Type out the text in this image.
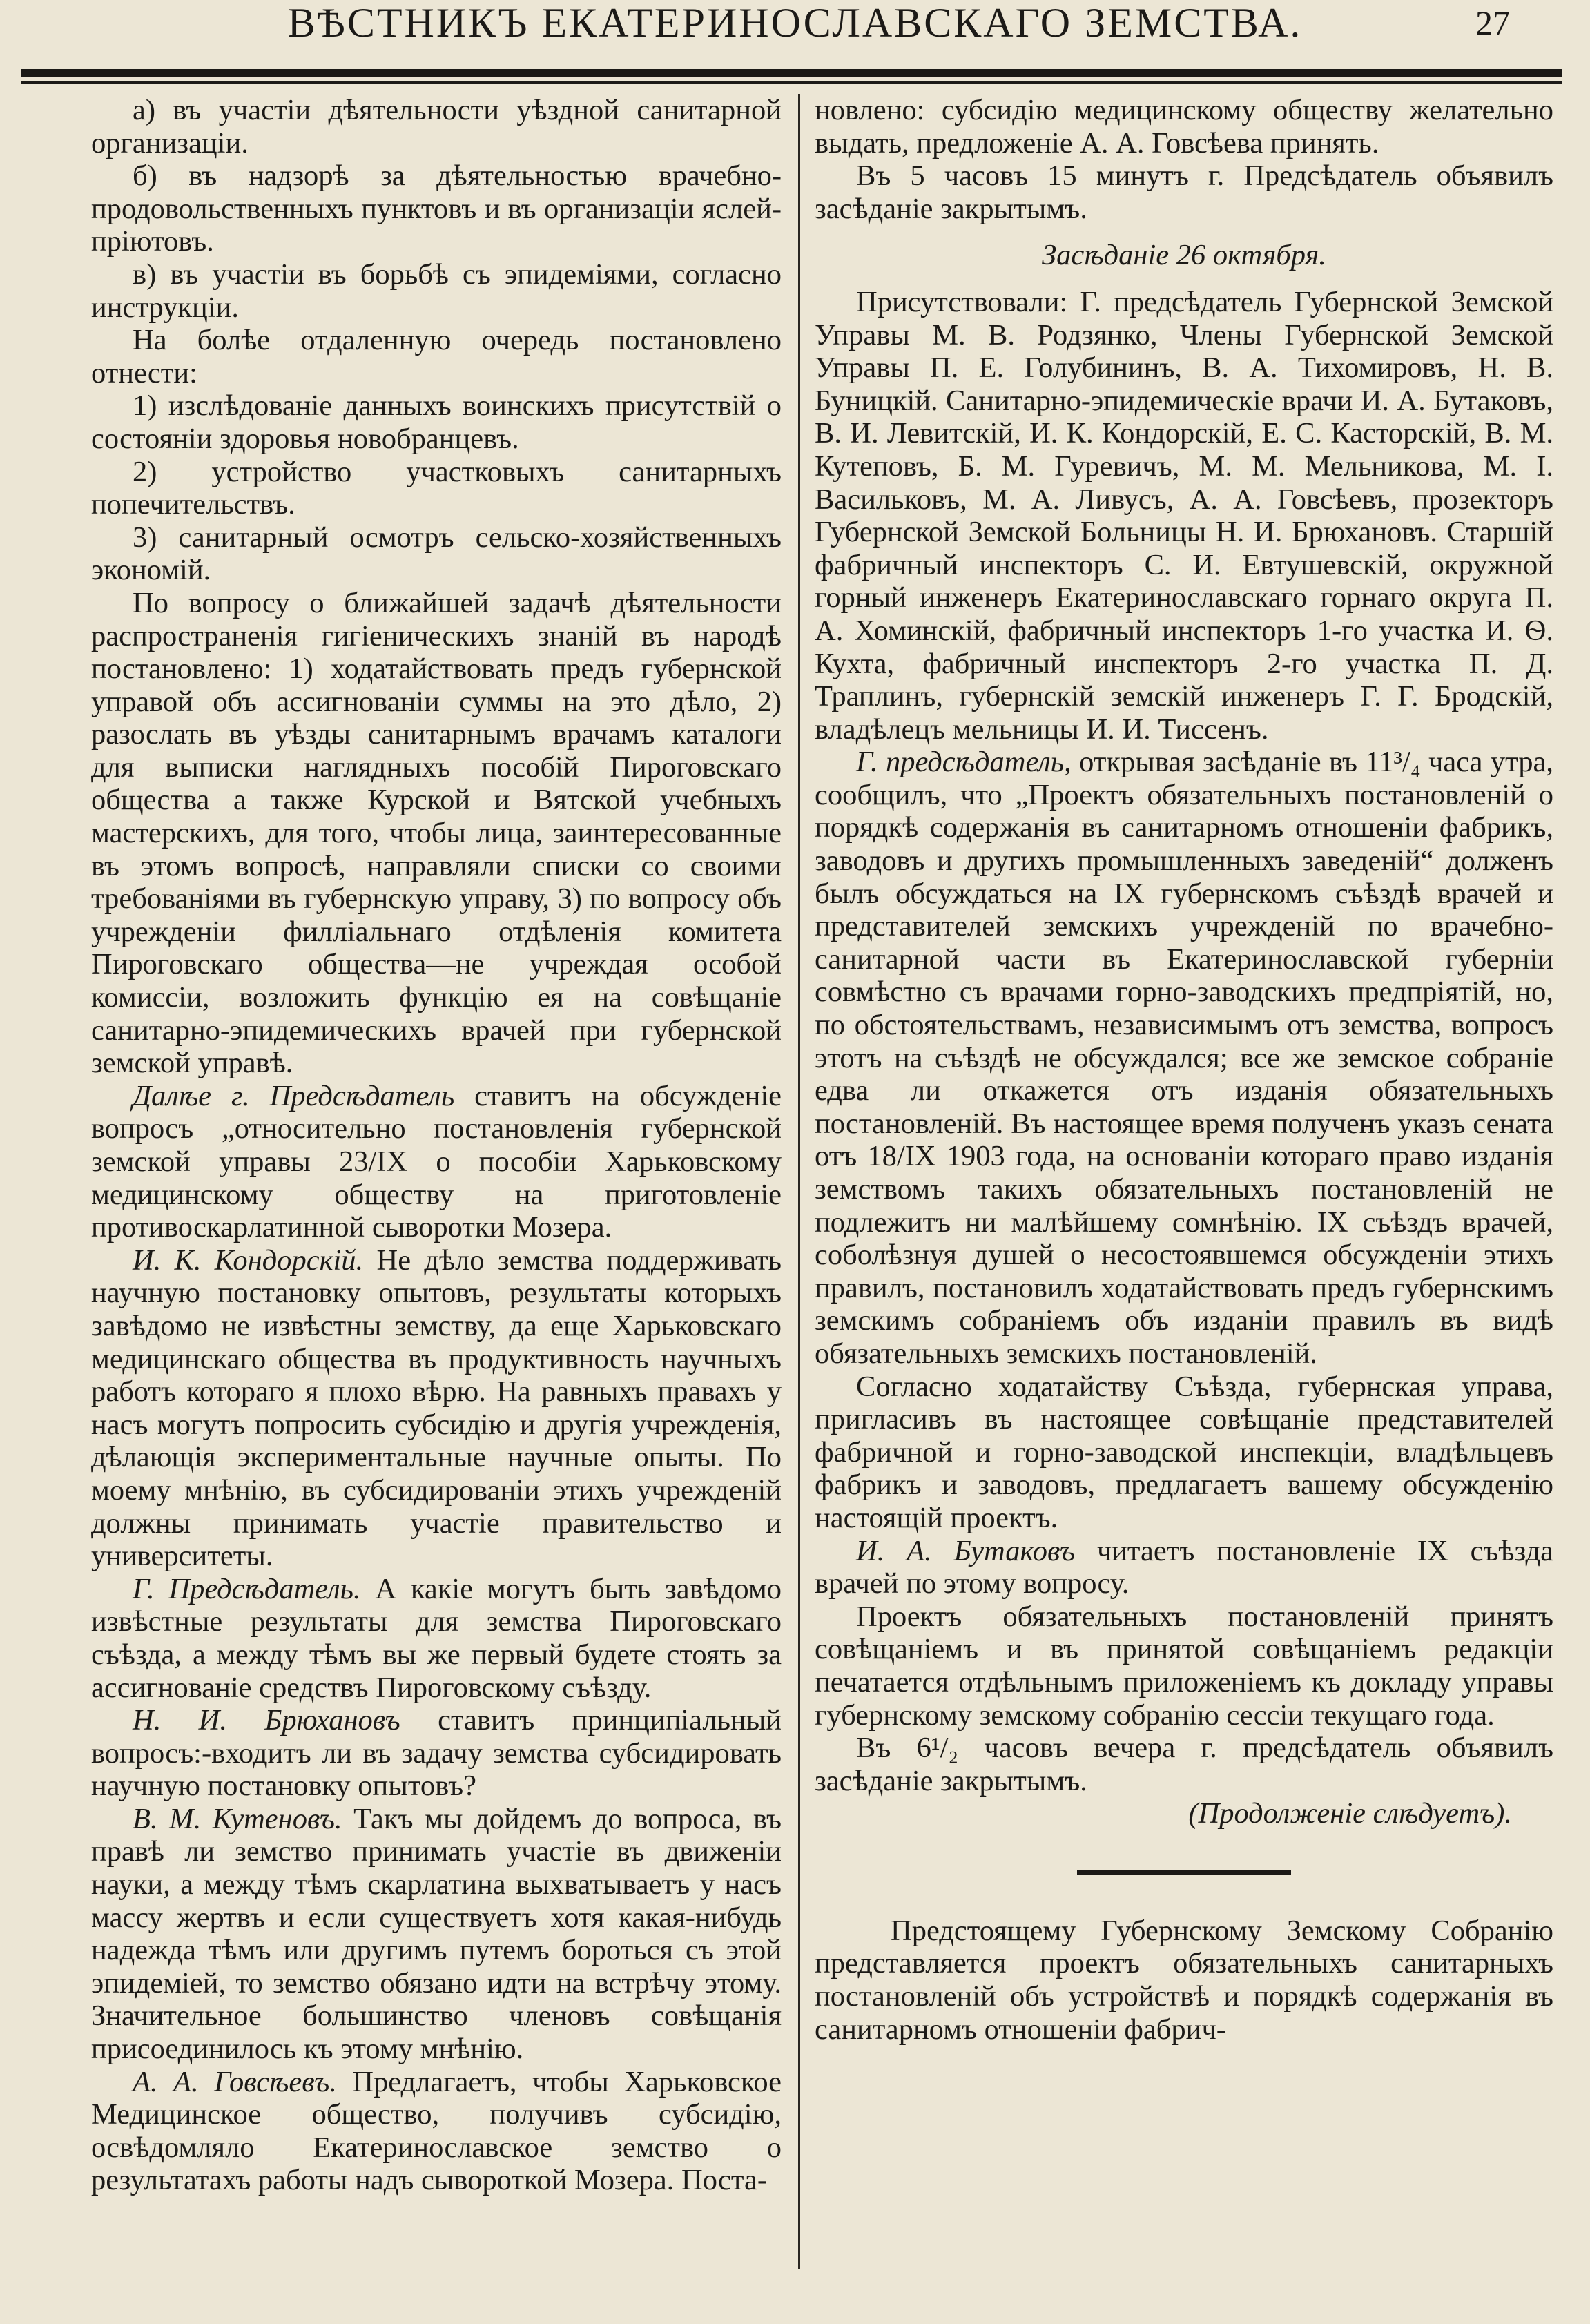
ВѢСТНИКЪ ЕКАТЕРИНОСЛАВСКАГО ЗЕМСТВА.	27

а) въ участіи дѣятельности уѣздной санитарной организаціи.

б) въ надзорѣ за дѣятельностью врачебно-продовольственныхъ пунктовъ и въ организаціи яслей-пріютовъ.

в) въ участіи въ борьбѣ съ эпидеміями, согласно инструкціи.

На болѣе отдаленную очередь постановлено отнести:

1) изслѣдованіе данныхъ воинскихъ присутствій о состояніи здоровья новобранцевъ.

2) устройство участковыхъ санитарныхъ попечительствъ.

3) санитарный осмотръ сельско-хозяйственныхъ экономій.

По вопросу о ближайшей задачѣ дѣятельности распространенія гигіеническихъ знаній въ народѣ постановлено: 1) ходатайствовать предъ губернской управой объ ассигнованіи суммы на это дѣло, 2) разослать въ уѣзды санитарнымъ врачамъ каталоги для выписки наглядныхъ пособій Пироговскаго общества а также Курской и Вятской учебныхъ мастерскихъ, для того, чтобы лица, заинтересованные въ этомъ вопросѣ, направляли списки со своими требованіями въ губернскую управу, 3) по вопросу объ учрежденіи филліальнаго отдѣленія комитета Пироговскаго общества—не учреждая особой комиссіи, возложить функцію ея на совѣщаніе санитарно-эпидемическихъ врачей при губернской земской управѣ.

Далѣе г. Предсѣдатель ставитъ на обсужденіе вопросъ „относительно постановленія губернской земской управы 23/IX о пособіи Харьковскому медицинскому обществу на приготовленіе противоскарлатинной сыворотки Мозера.

И. К. Кондорскій. Не дѣло земства поддерживать научную постановку опытовъ, результаты которыхъ завѣдомо не извѣстны земству, да еще Харьковскаго медицинскаго общества въ продуктивность научныхъ работъ котораго я плохо вѣрю. На равныхъ правахъ у насъ могутъ попросить субсидію и другія учрежденія, дѣлающія экспериментальные научные опыты. По моему мнѣнію, въ субсидированіи этихъ учрежденій должны принимать участіе правительство и университеты.

Г. Предсѣдатель. А какіе могутъ быть завѣдомо извѣстные результаты для земства Пироговскаго съѣзда, а между тѣмъ вы же первый будете стоять за ассигнованіе средствъ Пироговскому съѣзду.

Н. И. Брюхановъ ставитъ принципіальный вопросъ:-входитъ ли въ задачу земства субсидировать научную постановку опытовъ?

В. М. Кутеновъ. Такъ мы дойдемъ до вопроса, въ правѣ ли земство принимать участіе въ движеніи науки, а между тѣмъ скарлатина выхватываетъ у насъ массу жертвъ и если существуетъ хотя какая-нибудь надежда тѣмъ или другимъ путемъ бороться съ этой эпидеміей, то земство обязано идти на встрѣчу этому. Значительное большинство членовъ совѣщанія присоединилось къ этому мнѣнію.

А. А. Говсѣевъ. Предлагаетъ, чтобы Харьковское Медицинское общество, получивъ субсидію, освѣдомляло Екатеринославское земство о результатахъ работы надъ сывороткой Мозера. Поста-

новлено: субсидію медицинскому обществу желательно выдать, предложеніе А. А. Говсѣева принять.

Въ 5 часовъ 15 минутъ г. Предсѣдатель объявилъ засѣданіе закрытымъ.

Засѣданіе 26 октября.

Присутствовали: Г. предсѣдатель Губернской Земской Управы М. В. Родзянко, Члены Губернской Земской Управы П. Е. Голубининъ, В. А. Тихомировъ, Н. В. Буницкій. Санитарно-эпидемическіе врачи И. А. Бутаковъ, В. И. Левитскій, И. К. Кондорскій, Е. С. Касторскій, В. М. Кутеповъ, Б. М. Гуревичъ, М. М. Мельникова, М. I. Васильковъ, М. А. Ливусъ, А. А. Говсѣевъ, прозекторъ Губернской Земской Больницы Н. И. Брюхановъ. Старшій фабричный инспекторъ С. И. Евтушевскій, окружной горный инженеръ Екатеринославскаго горнаго округа П. А. Хоминскій, фабричный инспекторъ 1-го участка И. Ѳ. Кухта, фабричный инспекторъ 2-го участка П. Д. Траплинъ, губернскій земскій инженеръ Г. Г. Бродскій, владѣлецъ мельницы И. И. Тиссенъ.

Г. предсѣдатель, открывая засѣданіе въ 11³/₄ часа утра, сообщилъ, что „Проектъ обязательныхъ постановленій о порядкѣ содержанія въ санитарномъ отношеніи фабрикъ, заводовъ и другихъ промышленныхъ заведеній“ долженъ былъ обсуждаться на IX губернскомъ съѣздѣ врачей и представителей земскихъ учрежденій по врачебно-санитарной части въ Екатеринославской губерніи совмѣстно съ врачами горно-заводскихъ предпріятій, но, по обстоятельствамъ, независимымъ отъ земства, вопросъ этотъ на съѣздѣ не обсуждался; все же земское собраніе едва ли откажется отъ изданія обязательныхъ постановленій. Въ настоящее время полученъ указъ сената отъ 18/IX 1903 года, на основаніи котораго право изданія земствомъ такихъ обязательныхъ постановленій не подлежитъ ни малѣйшему сомнѣнію. IX съѣздъ врачей, соболѣзнуя душей о несостоявшемся обсужденіи этихъ правилъ, постановилъ ходатайствовать предъ губернскимъ земскимъ собраніемъ объ изданіи правилъ въ видѣ обязательныхъ земскихъ постановленій.

Согласно ходатайству Съѣзда, губернская управа, пригласивъ въ настоящее совѣщаніе представителей фабричной и горно-заводской инспекціи, владѣльцевъ фабрикъ и заводовъ, предлагаетъ вашему обсужденію настоящій проектъ.

И. А. Бутаковъ читаетъ постановленіе IX съѣзда врачей по этому вопросу.

Проектъ обязательныхъ постановленій принятъ совѣщаніемъ и въ принятой совѣщаніемъ редакціи печатается отдѣльнымъ приложеніемъ къ докладу управы губернскому земскому собранію сессіи текущаго года.

Въ 6¹/₂ часовъ вечера г. предсѣдатель объявилъ засѣданіе закрытымъ.

(Продолженіе слѣдуетъ).

Предстоящему Губернскому Земскому Собранію представляется проектъ обязательныхъ санитарныхъ постановленій объ устройствѣ и порядкѣ содержанія въ санитарномъ отношеніи фабрич-
